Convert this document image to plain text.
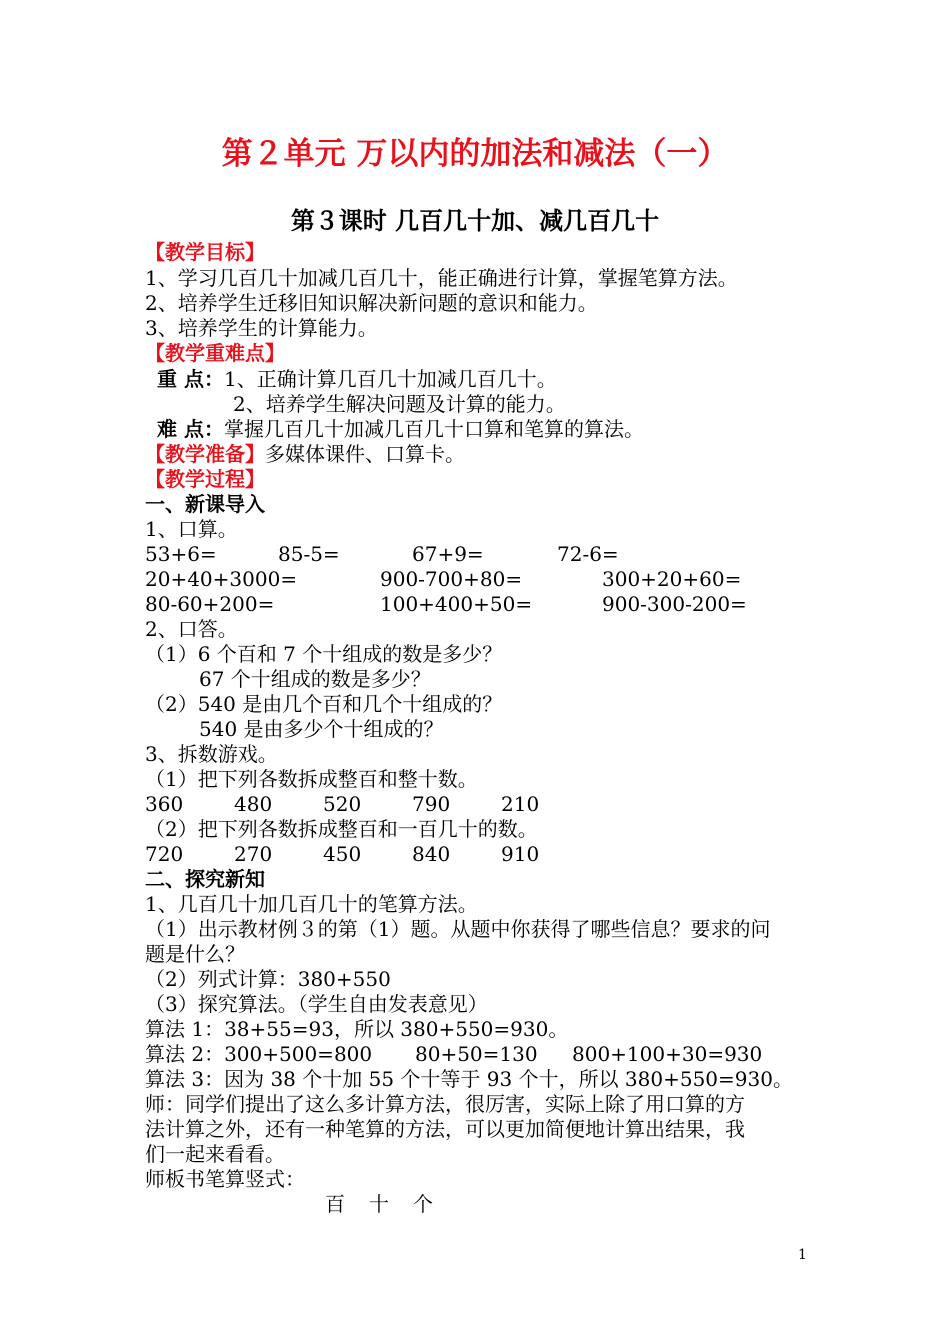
第２单元 万以内的加法和减法（一）
第３课时 几百几十加、减几百几十
【教学目标】
1、学习几百几十加减几百几十，能正确进行计算，掌握笔算方法。
2、培养学生迁移旧知识解决新问题的意识和能力。
3、培养学生的计算能力。
【教学重难点】
重 点：1、正确计算几百几十加减几百几十。
2、培养学生解决问题及计算的能力。
难 点：掌握几百几十加减几百几十口算和笔算的算法。
【教学准备】多媒体课件、口算卡。
【教学过程】
一、新课导入
1、口算。
53+6=	85-5=	67+9=	72-6=
20+40+3000=	900-700+80=	300+20+60=
80-60+200=	100+400+50=	900-300-200=
2、口答。
（1）6 个百和 7 个十组成的数是多少？
67 个十组成的数是多少？
（2）540 是由几个百和几个十组成的？
540 是由多少个十组成的？
3、拆数游戏。
（1）把下列各数拆成整百和整十数。
360	480	520	790	210
（2）把下列各数拆成整百和一百几十的数。
720	270	450	840	910
二、探究新知
1、几百几十加几百几十的笔算方法。
（1）出示教材例３的第（1）题。从题中你获得了哪些信息？要求的问
题是什么？
（2）列式计算：380+550
（3）探究算法。（学生自由发表意见）
算法 1：38+55=93，所以 380+550=930。
算法 2：300+500=800 80+50=130 800+100+30=930
算法 3：因为 38 个十加 55 个十等于 93 个十，所以 380+550=930。
师：同学们提出了这么多计算方法，很厉害，实际上除了用口算的方
法计算之外，还有一种笔算的方法，可以更加简便地计算出结果，我
们一起来看看。
师板书笔算竖式：
百 十 个
1
